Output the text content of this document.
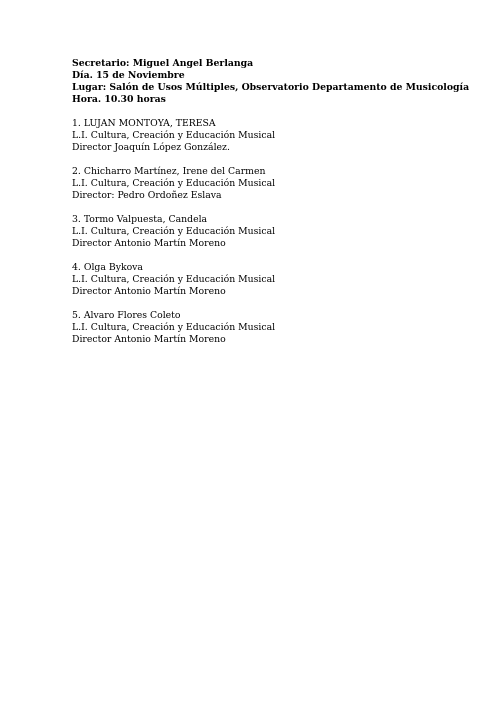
Secretario: Miguel Angel Berlanga
Día. 15 de Noviembre
Lugar: Salón de Usos Múltiples, Observatorio Departamento de Musicología
Hora. 10.30 horas
1. LUJAN MONTOYA, TERESA
L.I. Cultura, Creación y Educación Musical
Director Joaquín López González.
2. Chicharro Martínez, Irene del Carmen
L.I. Cultura, Creación y Educación Musical
Director: Pedro Ordoñez Eslava
3. Tormo Valpuesta, Candela
L.I. Cultura, Creación y Educación Musical
Director Antonio Martín Moreno
4. Olga Bykova
L.I. Cultura, Creación y Educación Musical
Director Antonio Martín Moreno
5. Alvaro Flores Coleto
L.I. Cultura, Creación y Educación Musical
Director Antonio Martín Moreno
